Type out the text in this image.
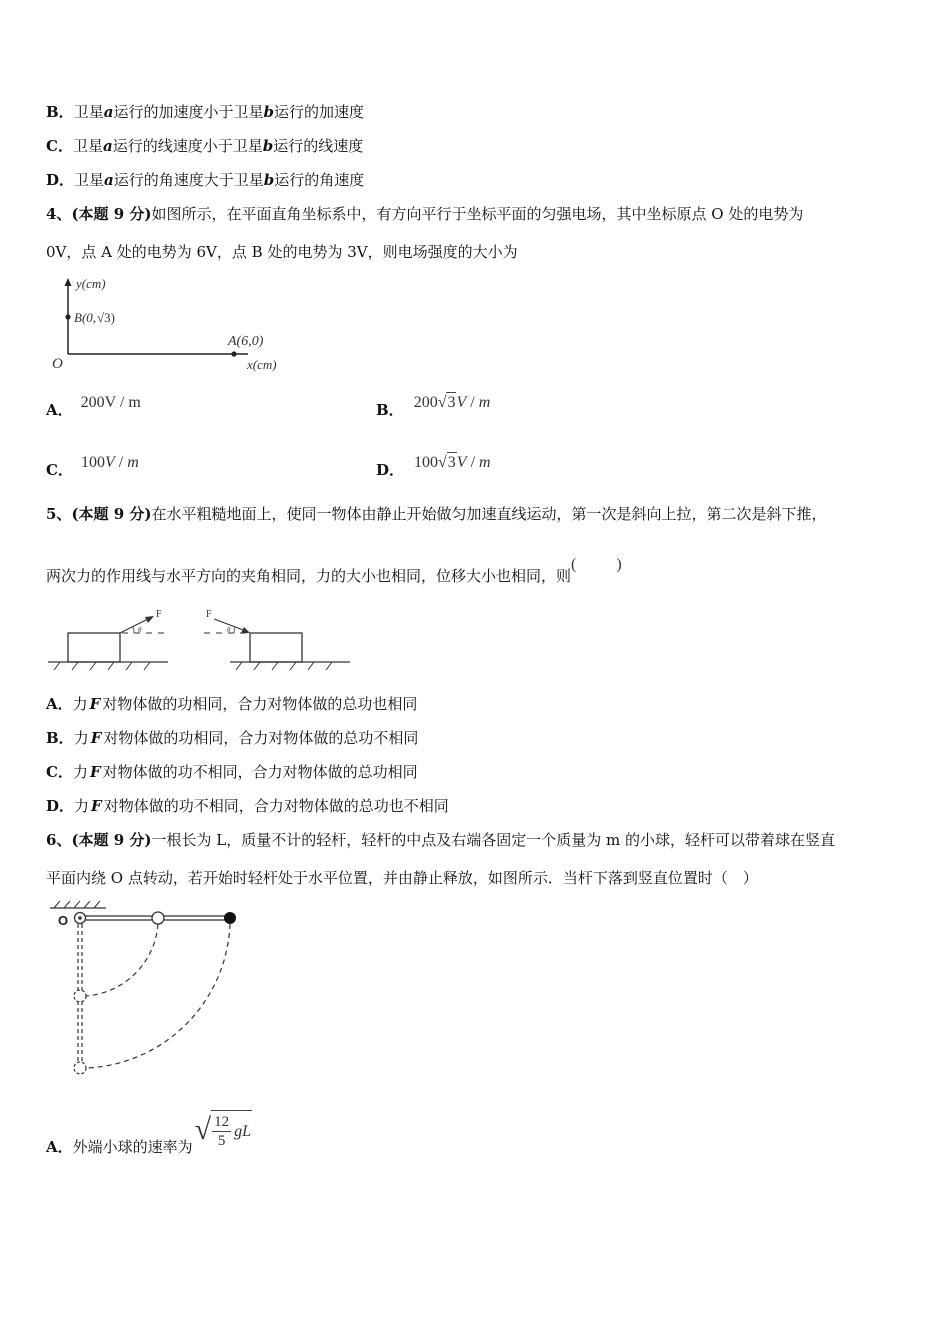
B．卫星a运行的加速度小于卫星b运行的加速度
C．卫星a运行的线速度小于卫星b运行的线速度
D．卫星a运行的角速度大于卫星b运行的角速度
4、(本题 9 分)如图所示，在平面直角坐标系中，有方向平行于坐标平面的匀强电场，其中坐标原点 O 处的电势为
0V，点 A 处的电势为 6V，点 B 处的电势为 3V，则电场强度的大小为
y(cm)
B(0,√3)
O
A(6,0)
x(cm)
A． 200V / m	B． 200√3V / m
C． 100V / m	D． 100√3V / m
5、(本题 9 分)在水平粗糙地面上，使同一物体由静止开始做匀加速直线运动，第一次是斜向上拉，第二次是斜下推，
两次力的作用线与水平方向的夹角相同，力的大小也相同，位移大小也相同，则(	)
θ
F
θ
F
A．力 F 对物体做的功相同，合力对物体做的总功也相同
B．力 F 对物体做的功相同，合力对物体做的总功不相同
C．力 F 对物体做的功不相同，合力对物体做的总功相同
D．力 F 对物体做的功不相同，合力对物体做的总功也不相同
6、(本题 9 分)一根长为 L，质量不计的轻杆，轻杆的中点及右端各固定一个质量为 m 的小球，轻杆可以带着球在竖直
平面内绕 O 点转动，若开始时轻杆处于水平位置，并由静止释放，如图所示．当杆下落到竖直位置时（　）
O
A．外端小球的速率为√ $\frac{12}{5}$ gL
